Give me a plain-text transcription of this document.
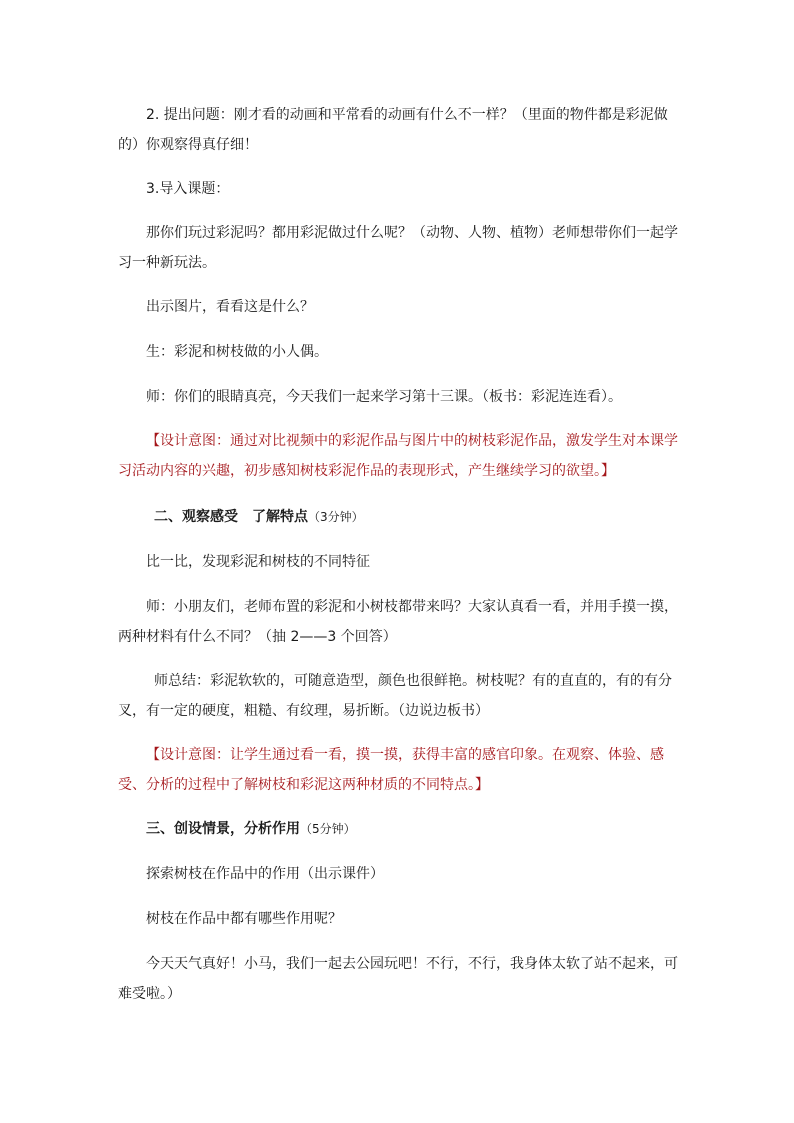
2. 提出问题：刚才看的动画和平常看的动画有什么不一样？（里面的物件都是彩泥做的）你观察得真仔细！

3.导入课题：

那你们玩过彩泥吗？都用彩泥做过什么呢？（动物、人物、植物）老师想带你们一起学习一种新玩法。

出示图片，看看这是什么？

生：彩泥和树枝做的小人偶。

师：你们的眼睛真亮，今天我们一起来学习第十三课。（板书：彩泥连连看）。

【设计意图：通过对比视频中的彩泥作品与图片中的树枝彩泥作品，激发学生对本课学习活动内容的兴趣，初步感知树枝彩泥作品的表现形式，产生继续学习的欲望。】

二、观察感受　了解特点（3分钟）

比一比，发现彩泥和树枝的不同特征

师：小朋友们，老师布置的彩泥和小树枝都带来吗？大家认真看一看，并用手摸一摸，两种材料有什么不同？（抽 2——3 个回答）

师总结：彩泥软软的，可随意造型，颜色也很鲜艳。树枝呢？有的直直的，有的有分叉，有一定的硬度，粗糙、有纹理，易折断。（边说边板书）

【设计意图：让学生通过看一看，摸一摸，获得丰富的感官印象。在观察、体验、感受、分析的过程中了解树枝和彩泥这两种材质的不同特点。】

三、创设情景，分析作用（5分钟）

探索树枝在作品中的作用（出示课件）

树枝在作品中都有哪些作用呢？

今天天气真好！小马，我们一起去公园玩吧！不行，不行，我身体太软了站不起来，可难受啦。）
